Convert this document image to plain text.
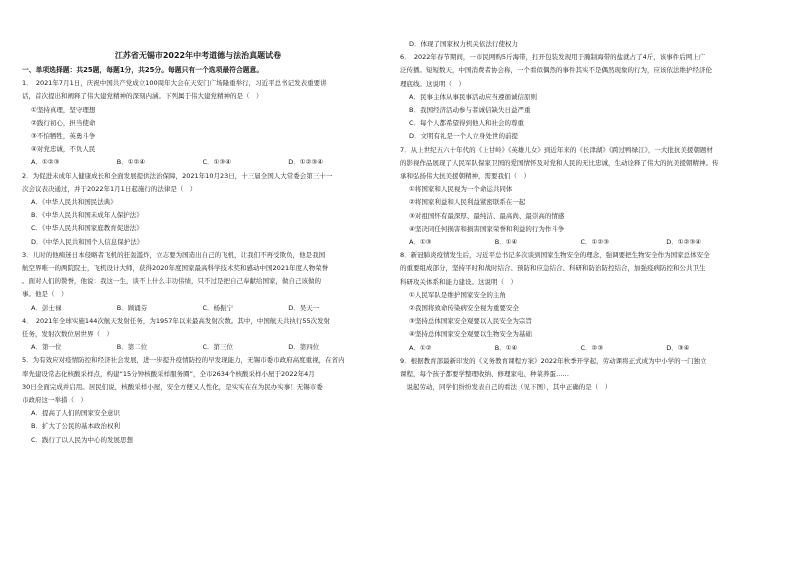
江苏省无锡市2022年中考道德与法治真题试卷
一、单项选择题：共25题，每题1分，共25分。每题只有一个选项最符合题意。

1．　2021年7月1日，庆祝中国共产党成立100周年大会在天安门广场隆重举行，习近平总书记发表重要讲

话，首次提出和阐释了伟大建党精神的深刻内涵。下列属于伟大建党精神的是（　）

①坚持真理，坚守理想

②践行初心，担当使命

③不怕牺牲，英勇斗争

④对党忠诚，不负人民

A．①②③	B．①②④	C．①③④	D．①②③④

2．为促进未成年人健康成长和全面发展提供法治保障，2021年10月23日，十三届全国人大常委会第三十一

次会议表决通过，并于2022年1月1日起施行的法律是（　）

A．《中华人民共和国民法典》

B．《中华人民共和国未成年人保护法》

C．《中华人民共和国家庭教育促进法》

D．《中华人民共和国个人信息保护法》

3．儿时的他痴迷日本侵略者飞机的狂轰滥炸，立志要为国造出自己的飞机，让我们不再受欺负，他是我国

航空界唯一的两院院士，飞机设计大师，获得2020年度国家最高科学技术奖和感动中国2021年度人物荣誉

。面对人们的赞誉，他说：我这一生，谈不上什么丰功伟绩，只不过是把自己奉献给国家，做自己该做的

事。他是（　）

A．彭士禄	B．顾诵芬	C．杨振宁	D．吴天一

4．　2021年全球实施144次航天发射任务，为1957年以来最高发射次数。其中，中国航天共执行55次发射

任务，发射次数位居世界（　）

A．第一位	B．第二位	C．第三位	D．第四位

5．为有效应对疫情防控和经济社会发展，进一步提升疫情防控的早发现能力，无锡市委市政府高度重视，在省内

率先建设常态化核酸采样点，构建“15分钟核酸采样服务圈”，全市2634个核酸采样小屋于2022年4月

30日全面完成并启用。居民们说，核酸采样小屋，安全方便又人性化，是实实在在为民办实事！无锡市委

市政府这一举措（　）

A．提高了人们的国家安全意识

B．扩大了公民的基本政治权利

C．践行了以人民为中心的发展思想

D．体现了国家权力机关依法行使权力

6．　2022年春节期间，一市民网购5斤海带，打开包装发现用于腌制海带的盐就占了4斤，该事件后网上广

泛传播。短短数天，中国消费者协会称，一个看似偶然的事件其实不是偶然现象的行为，应该依法维护经济伦

理底线。这说明（　）

A．民事主体从事民事活动应当遵循诚信原则

B．我国经济活动参与者诚信缺失日益严重

C．每个人都希望得到他人和社会的尊重

D．文明有礼是一个人立身处世的前提

7．从上世纪五六十年代的《上甘岭》《英雄儿女》到近年来的《长津湖》《跨过鸭绿江》，一大批抗美援朝题材

的影视作品展现了人民军队保家卫国的爱国情怀及对党和人民的无比忠诚，生动诠释了伟大的抗美援朝精神。传

承和弘扬伟大抗美援朝精神，需要我们（　）

①将国家和人民视为一个命运共同体

②将国家利益和人民利益紧密联系在一起

③对祖国怀有最深厚、最纯洁、最高尚、最崇高的情感

④坚决同任何损害和损害国家荣誉和利益的行为作斗争

A．①③	B．①④	C．①②③	D．①②③④

8．新冠肺炎疫情发生后，习近平总书记多次谈到国家生物安全的理念，强调要把生物安全作为国家总体安全

的重要组成部分，坚持平时和战时结合、预防和应急结合、科研和防治防控结合，加强疫病防控和公共卫生

科研攻关体系和能力建设。这说明（　）

①人民军队是维护国家安全的主角

②我国将致命传染病安全视为重要安全

③坚持总体国家安全观要以人民安全为宗旨

④坚持总体国家安全观要以生物安全为基础

A．①②	B．①④	C．②③	D．③④

9．根据教育部最新印发的《义务教育课程方案》2022年秋季开学起，劳动课将正式成为中小学的一门独立

课程，每个孩子都要学整理收纳、修理家电、种菜养蛋……

　说起劳动，同学们纷纷发表自己的看法（见下图），其中正确的是（　）
